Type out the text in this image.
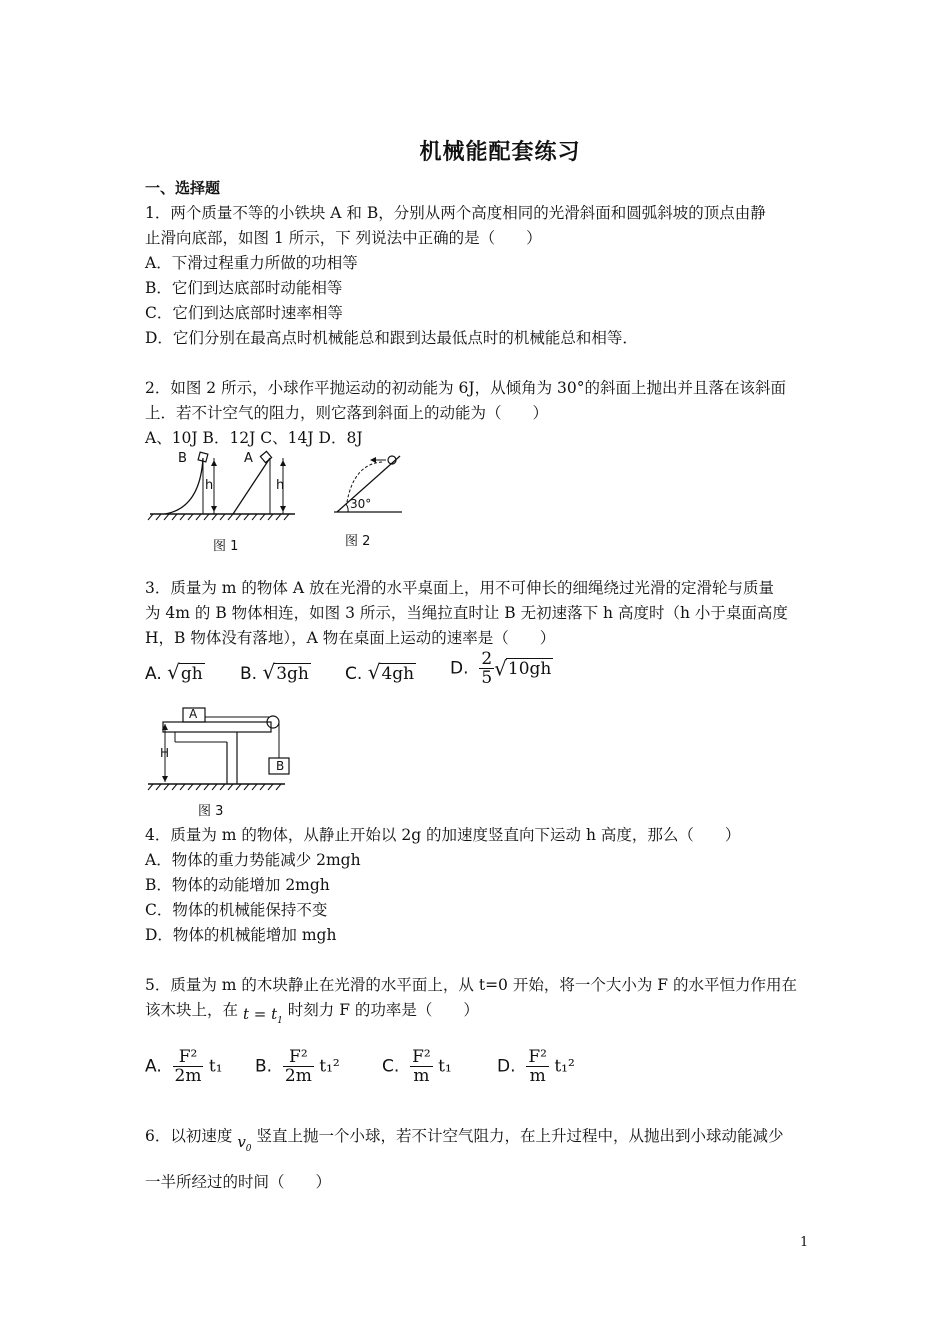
机械能配套练习
一、选择题
1．两个质量不等的小铁块 A 和 B，分别从两个高度相同的光滑斜面和圆弧斜坡的顶点由静
止滑向底部，如图 1 所示，下 列说法中正确的是（　　）
A．下滑过程重力所做的功相等
B．它们到达底部时动能相等
C．它们到达底部时速率相等
D．它们分别在最高点时机械能总和跟到达最低点时的机械能总和相等．
2．如图 2 所示，小球作平抛运动的初动能为 6J，从倾角为 30°的斜面上抛出并且落在该斜面
上．若不计空气的阻力，则它落到斜面上的动能为（　　）
A、10J B．12J C、14J D．8J
B	A
h	h
图 1
30°
图 2
3．质量为 m 的物体 A 放在光滑的水平桌面上，用不可伸长的细绳绕过光滑的定滑轮与质量
为 4m 的 B 物体相连，如图 3 所示，当绳拉直时让 B 无初速落下 h 高度时（h 小于桌面高度
H，B 物体没有落地），A 物在桌面上运动的速率是（　　）
A. √gh B. √3gh C. √4gh D. $\frac{2}{5} √10gh$
A
B
H
图 3
4．质量为 m 的物体，从静止开始以 2g 的加速度竖直向下运动 h 高度，那么（　　）
A．物体的重力势能减少 2mgh
B．物体的动能增加 2mgh
C．物体的机械能保持不变
D．物体的机械能增加 mgh
5．质量为 m 的木块静止在光滑的水平面上，从 t=0 开始，将一个大小为 F 的水平恒力作用在
该木块上，在 $t = t_1$ 时刻力 F 的功率是（　　）
A. $\frac{\text{F²}}{2m} t_1$ B. $\frac{\text{F²}}{2m} t_1^2$ C. $\frac{\text{F²}}{m} t_1$	D. $\frac{\text{F²}}{m} t_1^2$
6．以初速度 $v_0$ 竖直上抛一个小球，若不计空气阻力，在上升过程中，从抛出到小球动能减少
一半所经过的时间（　　）
1
